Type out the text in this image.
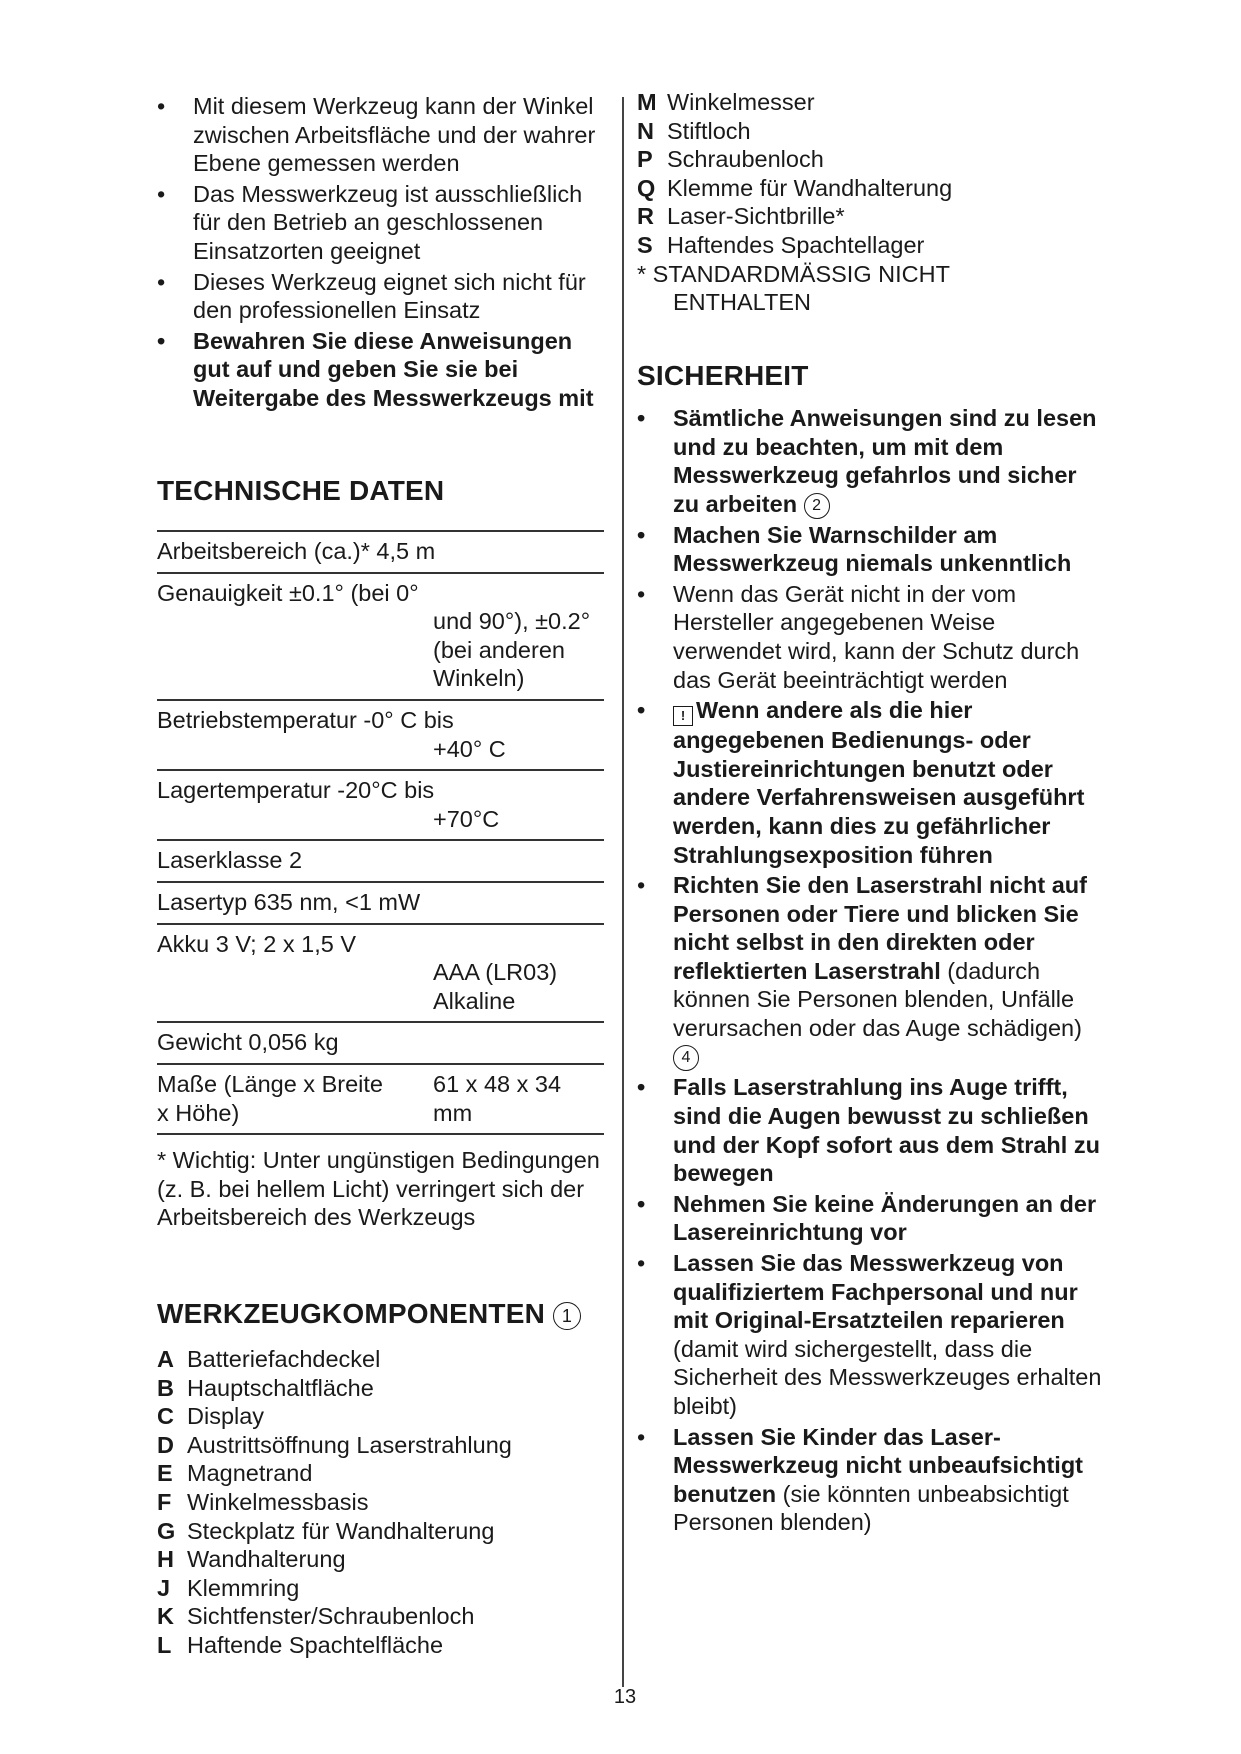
• Mit diesem Werkzeug kann der Winkel zwischen Arbeitsfläche und der wahrer Ebene gemessen werden
• Das Messwerkzeug ist ausschließlich für den Betrieb an geschlossenen Einsatzorten geeignet
• Dieses Werkzeug eignet sich nicht für den professionellen Einsatz
• Bewahren Sie diese Anweisungen gut auf und geben Sie sie bei Weitergabe des Messwerkzeugs mit
TECHNISCHE DATEN
Arbeitsbereich (ca.)* 4,5 m
Genauigkeit ±0.1° (bei 0°
und 90°), ±0.2°
(bei anderen
Winkeln)
Betriebstemperatur -0° C bis
+40° C
Lagertemperatur -20°C bis
+70°C
Laserklasse 2
Lasertyp 635 nm, <1 mW
Akku 3 V; 2 x 1,5 V
AAA (LR03)
Alkaline
Gewicht 0,056 kg
Maße (Länge x Breite	61 x 48 x 34
x Höhe)	mm
* Wichtig: Unter ungünstigen Bedingungen (z. B. bei hellem Licht) verringert sich der Arbeitsbereich des Werkzeugs
WERKZEUGKOMPONENTEN 1
A Batteriefachdeckel
B Hauptschaltfläche
C Display
D Austrittsöffnung Laserstrahlung
E Magnetrand
F Winkelmessbasis
G Steckplatz für Wandhalterung
H Wandhalterung
J Klemmring
K Sichtfenster/Schraubenloch
L Haftende Spachtelfläche
M Winkelmesser
N Stiftloch
P Schraubenloch
Q Klemme für Wandhalterung
R Laser-Sichtbrille*
S Haftendes Spachtellager
* STANDARDMÄSSIG NICHT
ENTHALTEN
SICHERHEIT
• Sämtliche Anweisungen sind zu lesen und zu beachten, um mit dem Messwerkzeug gefahrlos und sicher zu arbeiten 2
• Machen Sie Warnschilder am Messwerkzeug niemals unkenntlich
• Wenn das Gerät nicht in der vom Hersteller angegebenen Weise verwendet wird, kann der Schutz durch das Gerät beeinträchtigt werden
• ! Wenn andere als die hier angegebenen Bedienungs- oder Justiereinrichtungen benutzt oder andere Verfahrensweisen ausgeführt werden, kann dies zu gefährlicher Strahlungsexposition führen
• Richten Sie den Laserstrahl nicht auf Personen oder Tiere und blicken Sie nicht selbst in den direkten oder reflektierten Laserstrahl (dadurch können Sie Personen blenden, Unfälle verursachen oder das Auge schädigen) 4
• Falls Laserstrahlung ins Auge trifft, sind die Augen bewusst zu schließen und der Kopf sofort aus dem Strahl zu bewegen
• Nehmen Sie keine Änderungen an der Lasereinrichtung vor
• Lassen Sie das Messwerkzeug von qualifiziertem Fachpersonal und nur mit Original-Ersatzteilen reparieren (damit wird sichergestellt, dass die Sicherheit des Messwerkzeuges erhalten bleibt)
• Lassen Sie Kinder das Laser-Messwerkzeug nicht unbeaufsichtigt benutzen (sie könnten unbeabsichtigt Personen blenden)
13
